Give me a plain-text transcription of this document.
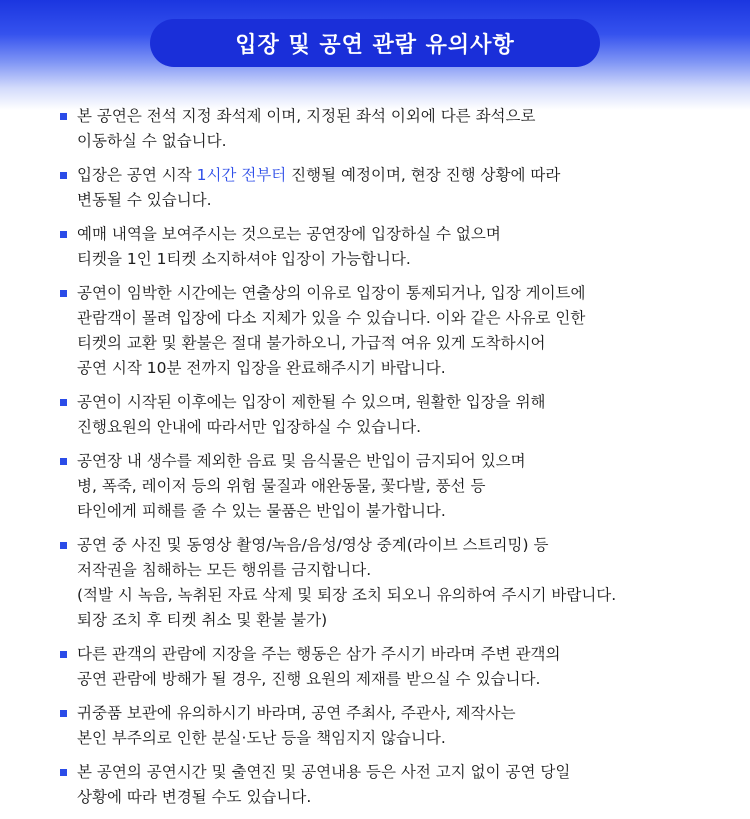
입장 및 공연 관람 유의사항
본 공연은 전석 지정 좌석제 이며, 지정된 좌석 이외에 다른 좌석으로
이동하실 수 없습니다.
입장은 공연 시작 1시간 전부터 진행될 예정이며, 현장 진행 상황에 따라
변동될 수 있습니다.
예매 내역을 보여주시는 것으로는 공연장에 입장하실 수 없으며
티켓을 1인 1티켓 소지하셔야 입장이 가능합니다.
공연이 임박한 시간에는 연출상의 이유로 입장이 통제되거나, 입장 게이트에
관람객이 몰려 입장에 다소 지체가 있을 수 있습니다. 이와 같은 사유로 인한
티켓의 교환 및 환불은 절대 불가하오니, 가급적 여유 있게 도착하시어
공연 시작 10분 전까지 입장을 완료해주시기 바랍니다.
공연이 시작된 이후에는 입장이 제한될 수 있으며, 원활한 입장을 위해
진행요원의 안내에 따라서만 입장하실 수 있습니다.
공연장 내 생수를 제외한 음료 및 음식물은 반입이 금지되어 있으며
병, 폭죽, 레이저 등의 위험 물질과 애완동물, 꽃다발, 풍선 등
타인에게 피해를 줄 수 있는 물품은 반입이 불가합니다.
공연 중 사진 및 동영상 촬영/녹음/음성/영상 중계(라이브 스트리밍) 등
저작권을 침해하는 모든 행위를 금지합니다.
(적발 시 녹음, 녹취된 자료 삭제 및 퇴장 조치 되오니 유의하여 주시기 바랍니다.
퇴장 조치 후 티켓 취소 및 환불 불가)
다른 관객의 관람에 지장을 주는 행동은 삼가 주시기 바라며 주변 관객의
공연 관람에 방해가 될 경우, 진행 요원의 제재를 받으실 수 있습니다.
귀중품 보관에 유의하시기 바라며, 공연 주최사, 주관사, 제작사는
본인 부주의로 인한 분실·도난 등을 책임지지 않습니다.
본 공연의 공연시간 및 출연진 및 공연내용 등은 사전 고지 없이 공연 당일
상황에 따라 변경될 수도 있습니다.
